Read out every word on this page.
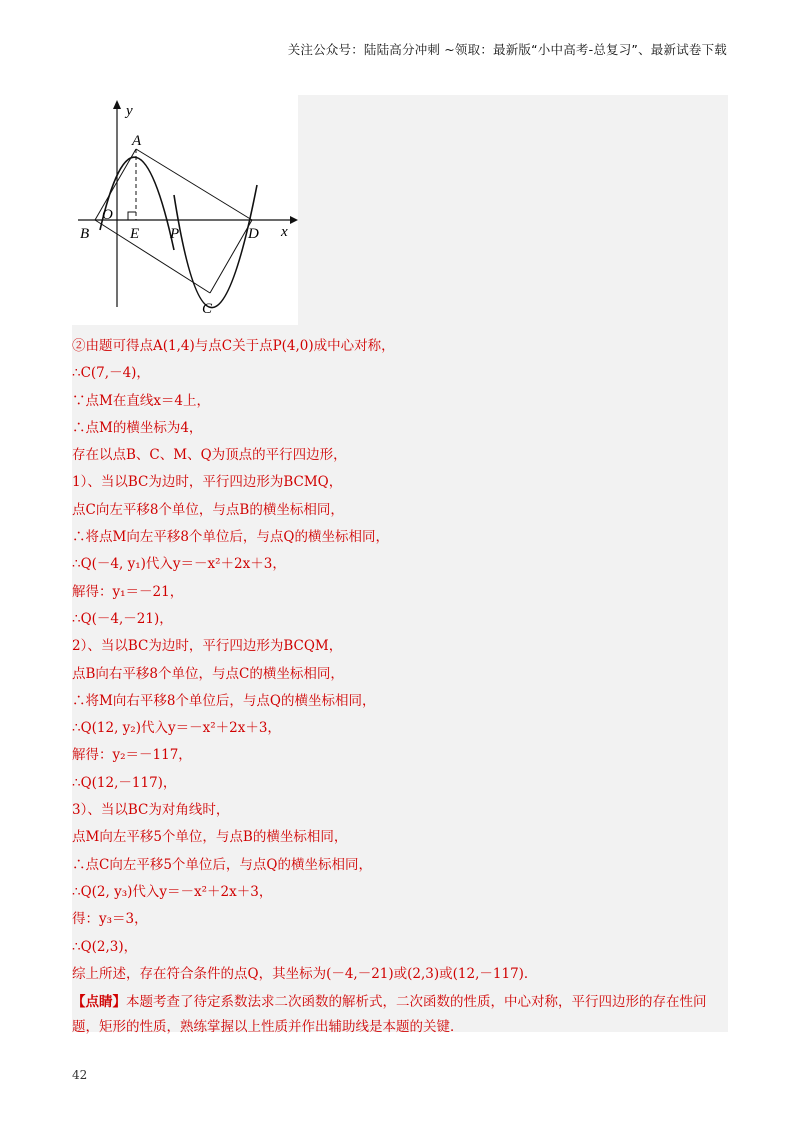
关注公众号：陆陆高分冲刺 ~领取：最新版“小中高考-总复习”、最新试卷下载
y
x
A
O
B	E P	D
C
②由题可得点A(1,4)与点C关于点P(4,0)成中心对称，
∴C(7,－4)，
∵点M在直线x＝4上，
∴点M的横坐标为4，
存在以点B、C、M、Q为顶点的平行四边形，
1）、当以BC为边时，平行四边形为BCMQ，
点C向左平移8个单位，与点B的横坐标相同，
∴将点M向左平移8个单位后，与点Q的横坐标相同，
∴Q(－4, y₁)代入y＝－x²＋2x＋3，
解得：y₁＝－21，
∴Q(－4,－21)，
2）、当以BC为边时，平行四边形为BCQM，
点B向右平移8个单位，与点C的横坐标相同，
∴将M向右平移8个单位后，与点Q的横坐标相同，
∴Q(12, y₂)代入y＝－x²＋2x＋3，
解得：y₂＝－117，
∴Q(12,－117)，
3）、当以BC为对角线时，
点M向左平移5个单位，与点B的横坐标相同，
∴点C向左平移5个单位后，与点Q的横坐标相同，
∴Q(2, y₃)代入y＝－x²＋2x＋3，
得：y₃＝3，
∴Q(2,3)，
综上所述，存在符合条件的点Q，其坐标为(－4,－21)或(2,3)或(12,－117)．
【点睛】本题考查了待定系数法求二次函数的解析式，二次函数的性质，中心对称，平行四边形的存在性问题，矩形的性质，熟练掌握以上性质并作出辅助线是本题的关键．
42
